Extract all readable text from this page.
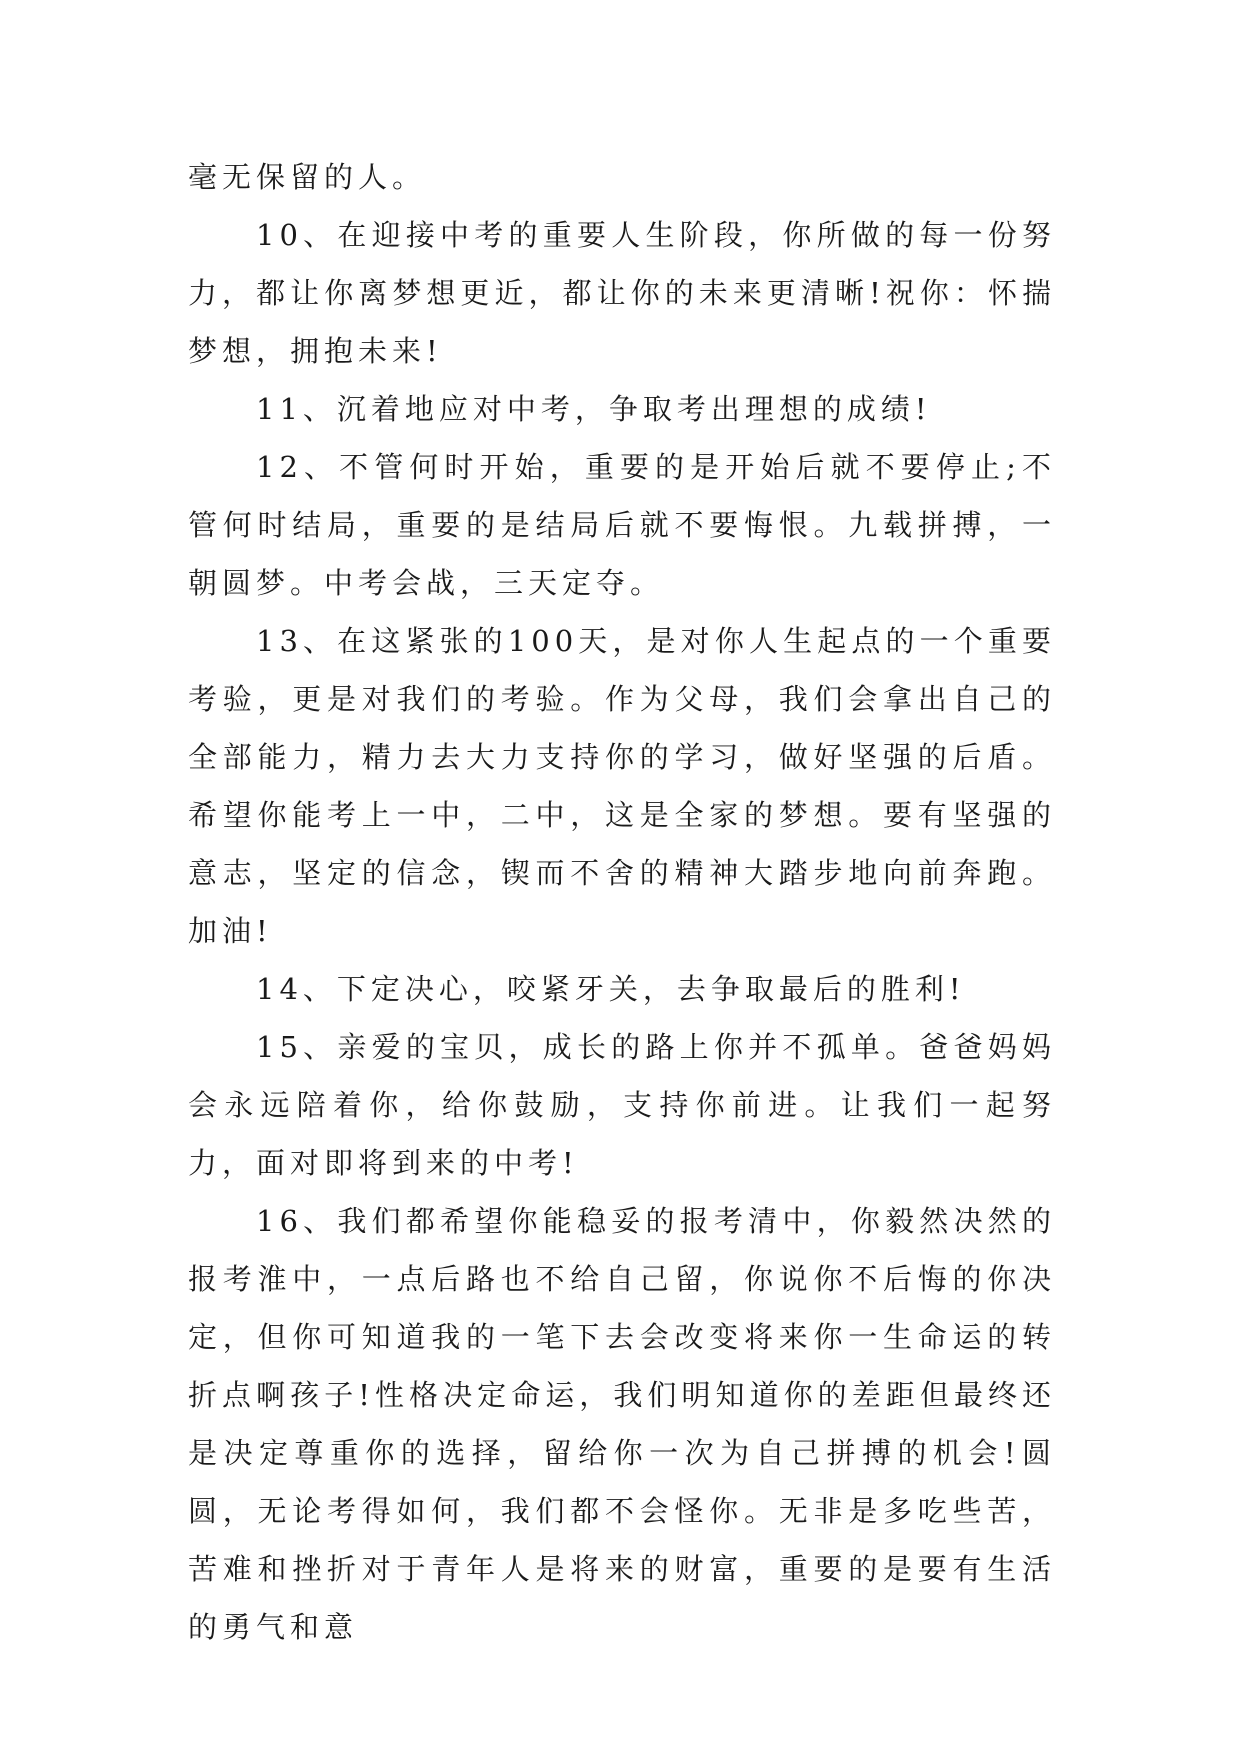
毫无保留的人。

10、在迎接中考的重要人生阶段，你所做的每一份努力，都让你离梦想更近，都让你的未来更清晰!祝你：怀揣梦想，拥抱未来!

11、沉着地应对中考，争取考出理想的成绩!

12、不管何时开始，重要的是开始后就不要停止;不管何时结局，重要的是结局后就不要悔恨。九载拼搏，一朝圆梦。中考会战，三天定夺。

13、在这紧张的100天，是对你人生起点的一个重要考验，更是对我们的考验。作为父母，我们会拿出自己的全部能力，精力去大力支持你的学习，做好坚强的后盾。希望你能考上一中，二中，这是全家的梦想。要有坚强的意志，坚定的信念，锲而不舍的精神大踏步地向前奔跑。加油!

14、下定决心，咬紧牙关，去争取最后的胜利!

15、亲爱的宝贝，成长的路上你并不孤单。爸爸妈妈会永远陪着你，给你鼓励，支持你前进。让我们一起努力，面对即将到来的中考!

16、我们都希望你能稳妥的报考清中，你毅然决然的报考淮中，一点后路也不给自己留，你说你不后悔的你决定，但你可知道我的一笔下去会改变将来你一生命运的转折点啊孩子!性格决定命运，我们明知道你的差距但最终还是决定尊重你的选择，留给你一次为自己拼搏的机会!圆圆，无论考得如何，我们都不会怪你。无非是多吃些苦，苦难和挫折对于青年人是将来的财富，重要的是要有生活的勇气和意
